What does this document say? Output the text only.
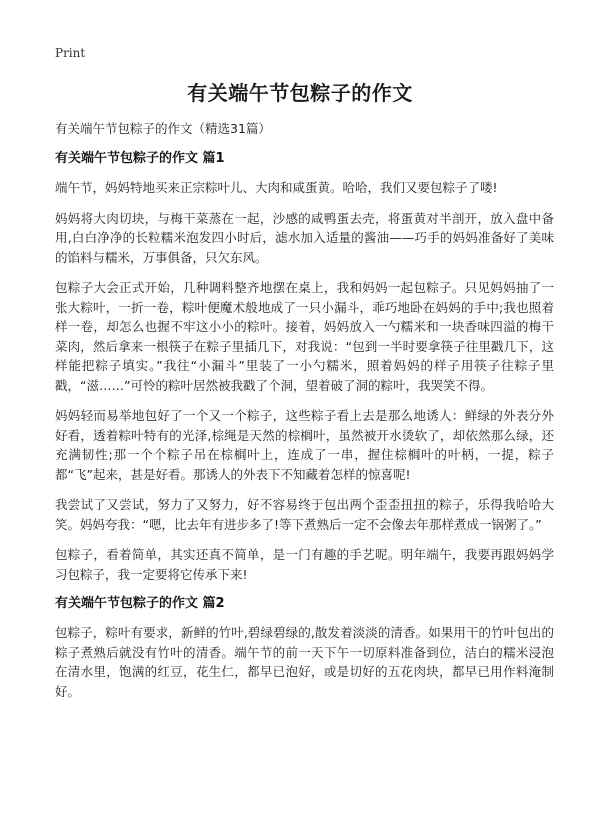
Print
有关端午节包粽子的作文

有关端午节包粽子的作文（精选31篇）

有关端午节包粽子的作文 篇1

端午节，妈妈特地买来正宗粽叶儿、大肉和咸蛋黄。哈哈，我们又要包粽子了喽!

妈妈将大肉切块，与梅干菜蒸在一起，沙感的咸鸭蛋去壳，将蛋黄对半剖开，放入盘中备用,白白净净的长粒糯米泡发四小时后，滤水加入适量的酱油——巧手的妈妈准备好了美味的馅料与糯米，万事俱备，只欠东风。

包粽子大会正式开始，几种调料整齐地摆在桌上，我和妈妈一起包粽子。只见妈妈抽了一张大粽叶，一折一卷，粽叶便魔术般地成了一只小漏斗，乖巧地卧在妈妈的手中;我也照着样一卷，却怎么也握不牢这小小的粽叶。接着，妈妈放入一勺糯米和一块香味四溢的梅干菜肉，然后拿来一根筷子在粽子里插几下，对我说：“包到一半时要拿筷子往里戳几下，这样能把粽子填实。”我往“小漏斗”里装了一小勺糯米，照着妈妈的样子用筷子往粽子里戳，“滋……”可怜的粽叶居然被我戳了个洞，望着破了洞的粽叶，我哭笑不得。

妈妈轻而易举地包好了一个又一个粽子，这些粽子看上去是那么地诱人：鲜绿的外表分外好看，透着粽叶特有的光泽,棕绳是天然的棕榈叶，虽然被开水烫软了，却依然那么绿，还充满韧性;那一个个粽子吊在棕榈叶上，连成了一串，握住棕榈叶的叶柄，一提，粽子都“飞”起来，甚是好看。那诱人的外表下不知藏着怎样的惊喜呢!

我尝试了又尝试，努力了又努力，好不容易终于包出两个歪歪扭扭的粽子，乐得我哈哈大笑。妈妈夸我：“嗯，比去年有进步多了!等下煮熟后一定不会像去年那样煮成一锅粥了。”

包粽子，看着简单，其实还真不简单，是一门有趣的手艺呢。明年端午，我要再跟妈妈学习包粽子，我一定要将它传承下来!

有关端午节包粽子的作文 篇2

包粽子，粽叶有要求，新鲜的竹叶,碧绿碧绿的,散发着淡淡的清香。如果用干的竹叶包出的粽子煮熟后就没有竹叶的清香。端午节的前一天下午一切原料准备到位，洁白的糯米浸泡在清水里，饱满的红豆，花生仁，都早已泡好，或是切好的五花肉块，都早已用作料淹制好。
